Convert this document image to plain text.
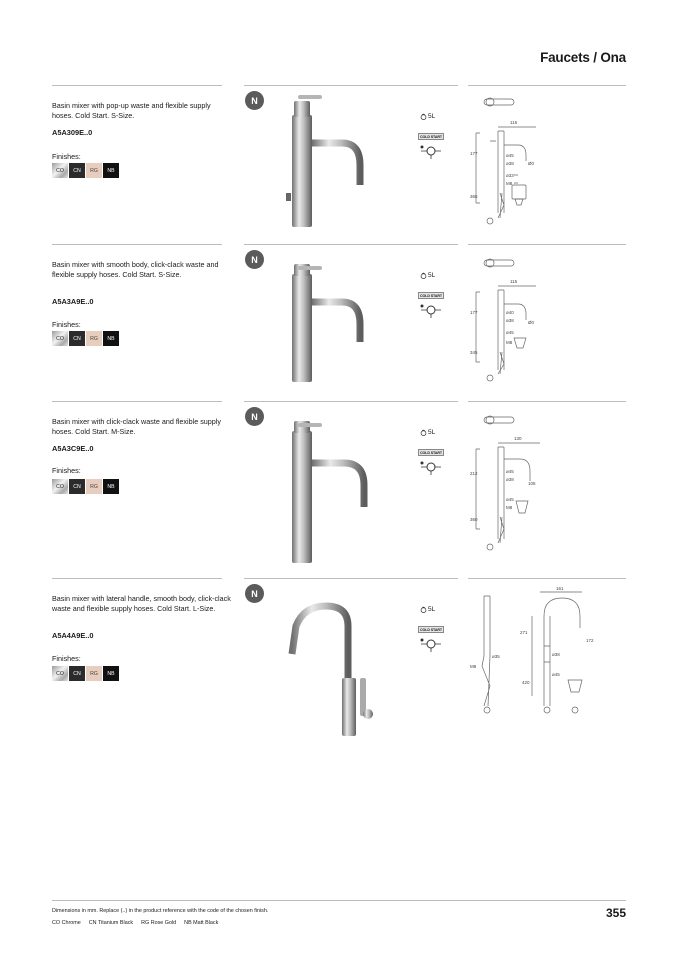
Faucets / Ona
Basin mixer with pop-up waste and flexible supply hoses. Cold Start. S-Size.
A5A309E..0
Finishes:
CO	CN	RG	NB
N
5L
COLD START
115
177
365
ø45
ø38
ø33
Ø0
M8
Basin mixer with smooth body, click-clack waste and flexible supply hoses. Cold Start. S-Size.
A5A3A9E..0
Finishes:
CO	CN	RG	NB
N
5L
COLD START
115
177
345
ø40
ø38
ø45
Ø0
M8
Basin mixer with click-clack waste and flexible supply hoses. Cold Start. M-Size.
A5A3C9E..0
Finishes:
CO	CN	RG	NB
N
5L
COLD START
130
212
360
ø45
ø38
ø45
105
M8
Basin mixer with lateral handle, smooth body, click-clack waste and flexible supply hoses. Cold Start. L-Size.
A5A4A9E..0
Finishes:
CO	CN	RG	NB
N
5L
COLD START
161
271
172
ø35	ø38
ø45
420
M8
Dimensions in mm. Replace (..) in the product reference with the code of the chosen finish.
CO Chrome CN Titanium Black RG Rose Gold NB Matt Black
355
